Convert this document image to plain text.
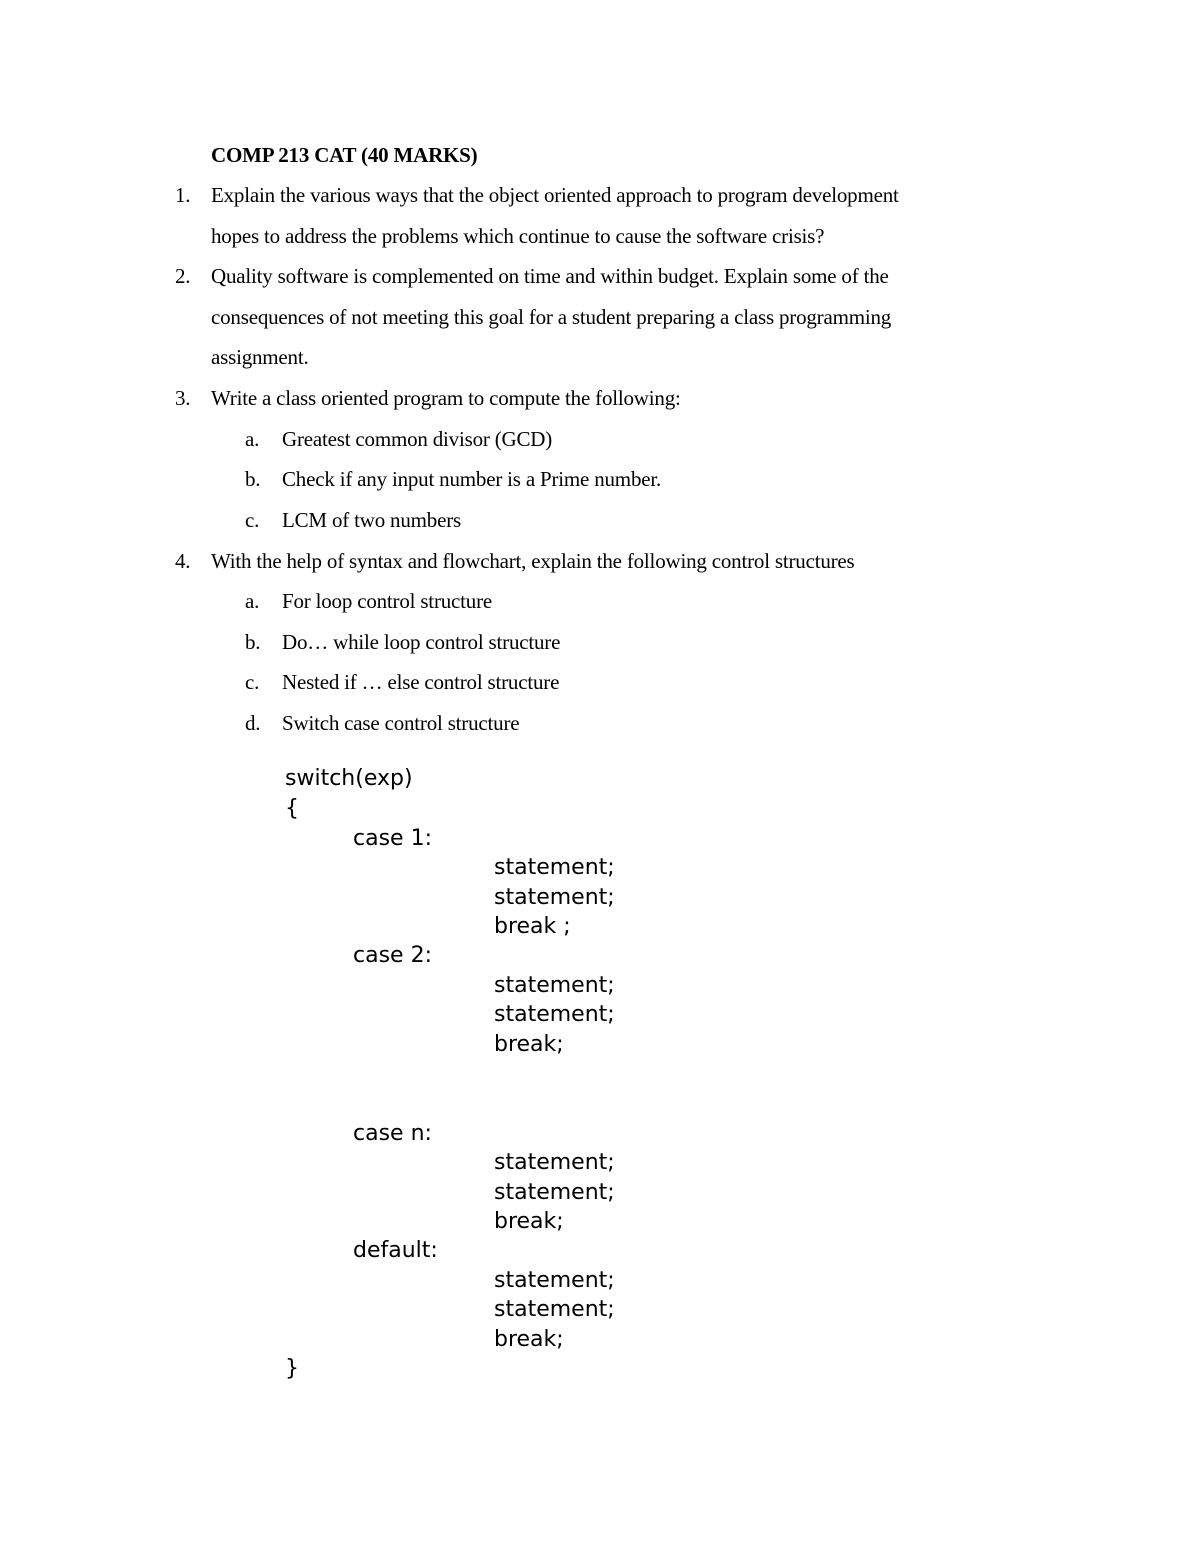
COMP 213 CAT (40 MARKS)
1. Explain the various ways that the object oriented approach to program development
hopes to address the problems which continue to cause the software crisis?
2. Quality software is complemented on time and within budget. Explain some of the
consequences of not meeting this goal for a student preparing a class programming
assignment.
3. Write a class oriented program to compute the following:
a.	Greatest common divisor (GCD)
b.	Check if any input number is a Prime number.
c.	LCM of two numbers
4. With the help of syntax and flowchart, explain the following control structures
a.	For loop control structure
b.	Do… while loop control structure
c.	Nested if … else control structure
d.	Switch case control structure
switch(exp)
{
case 1:
statement;
statement;
break ;
case 2:
statement;
statement;
break;
case n:
statement;
statement;
break;
default:
statement;
statement;
break;
}
